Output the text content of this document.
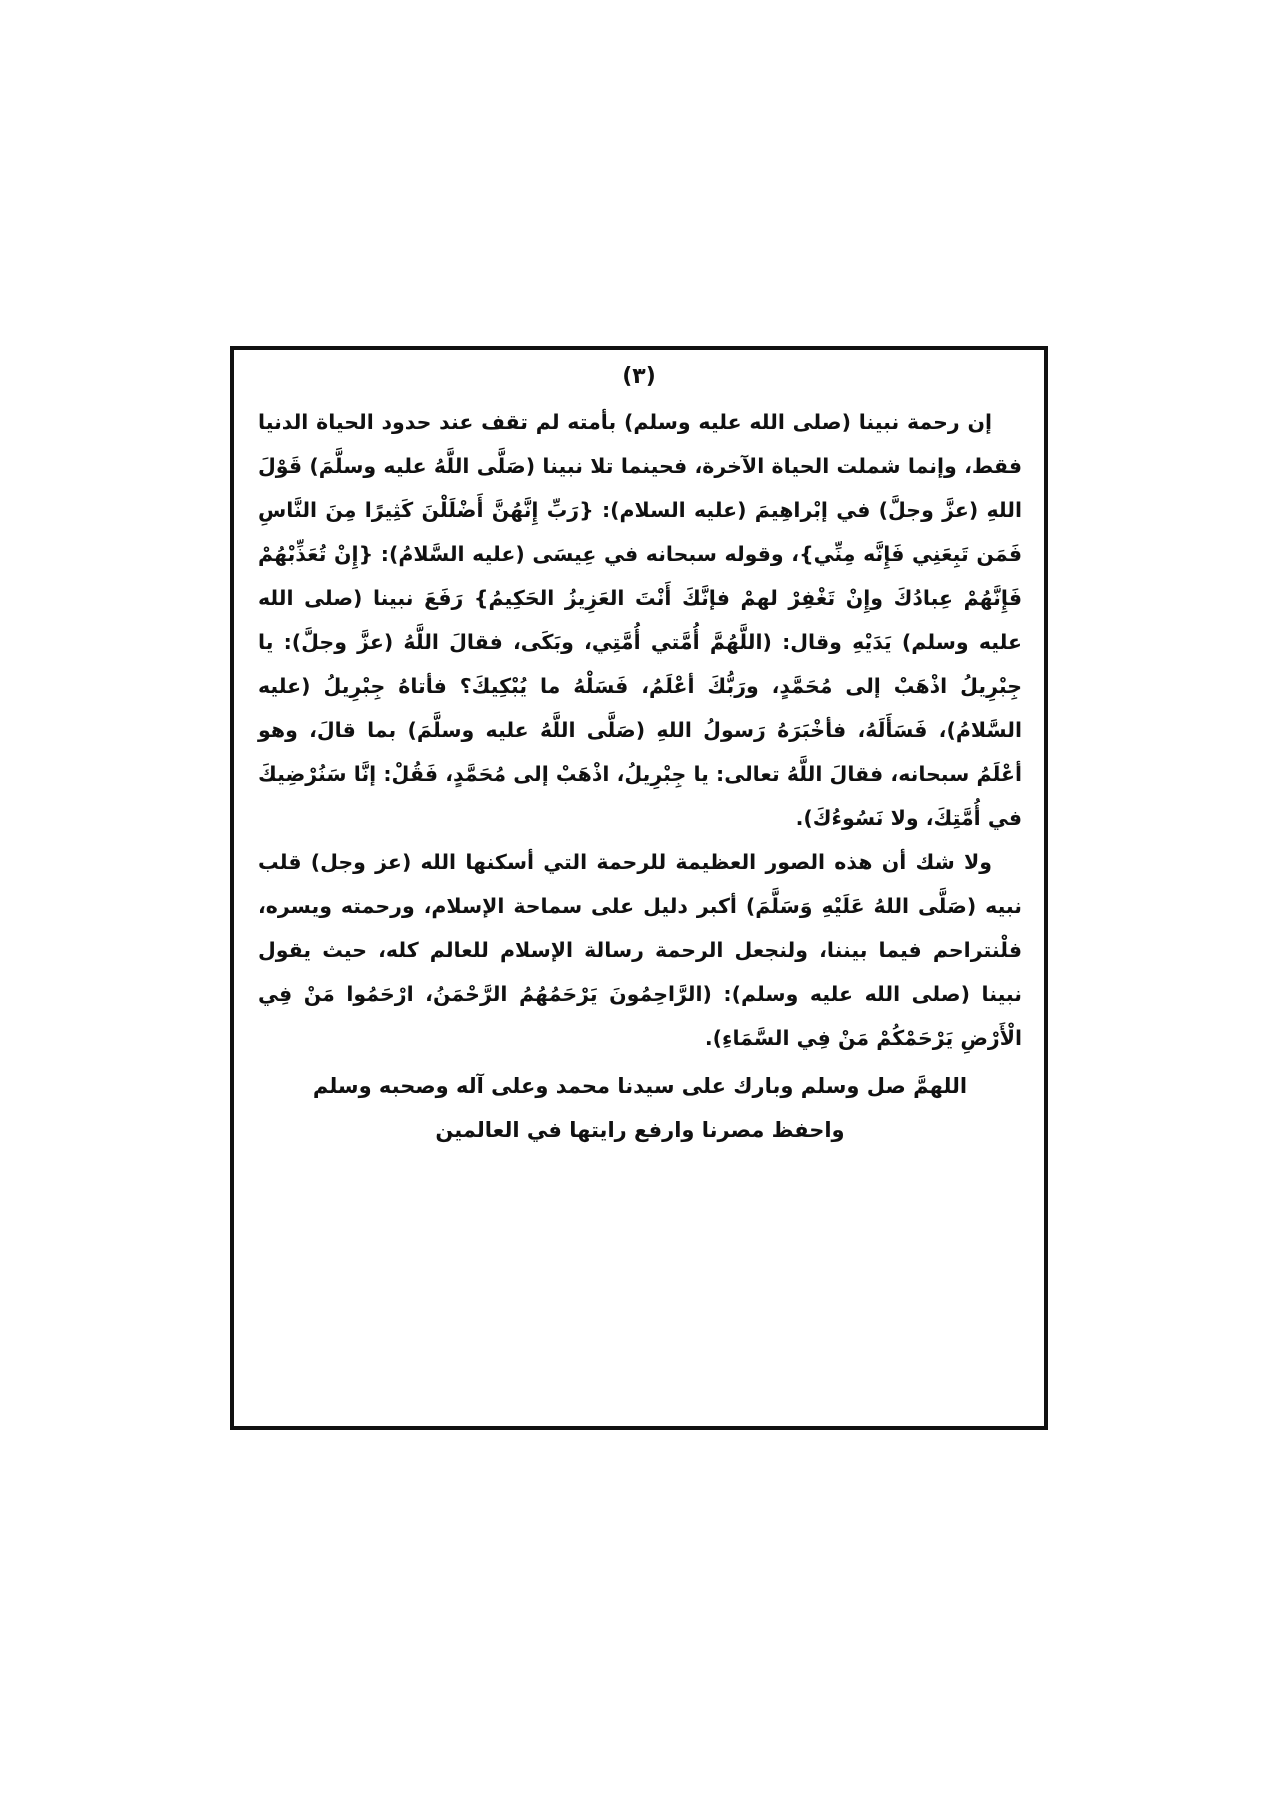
(٣)

إن رحمة نبينا (صلى الله عليه وسلم) بأمته لم تقف عند حدود الحياة الدنيا فقط، وإنما شملت الحياة الآخرة، فحينما تلا نبينا (صَلَّى اللَّهُ عليه وسلَّمَ) قَوْلَ اللهِ (عزَّ وجلَّ) في إبْراهِيمَ (عليه السلام): {رَبِّ إِنَّهُنَّ أَضْلَلْنَ كَثِيرًا مِنَ النَّاسِ فَمَن تَبِعَنِي فَإِنَّه مِنِّي}، وقوله سبحانه في عِيسَى (عليه السَّلامُ): {إِنْ تُعَذِّبْهُمْ فَإِنَّهُمْ عِبادُكَ وإِنْ تَغْفِرْ لهمْ فإنَّكَ أَنْتَ العَزِيزُ الحَكِيمُ} رَفَعَ نبينا (صلى الله عليه وسلم) يَدَيْهِ وقال: (اللَّهُمَّ أُمَّتي أُمَّتِي، وبَكَى، فقالَ اللَّهُ (عزَّ وجلَّ): يا جِبْرِيلُ اذْهَبْ إلى مُحَمَّدٍ، ورَبُّكَ أعْلَمُ، فَسَلْهُ ما يُبْكِيكَ؟ فأتاهُ جِبْرِيلُ (عليه السَّلامُ)، فَسَأَلَهُ، فأخْبَرَهُ رَسولُ اللهِ (صَلَّى اللَّهُ عليه وسلَّمَ) بما قالَ، وهو أعْلَمُ سبحانه، فقالَ اللَّهُ تعالى: يا جِبْرِيلُ، اذْهَبْ إلى مُحَمَّدٍ، فَقُلْ: إنَّا سَنُرْضِيكَ في أُمَّتِكَ، ولا نَسُوءُكَ).

ولا شك أن هذه الصور العظيمة للرحمة التي أسكنها الله (عز وجل) قلب نبيه (صَلَّى اللهُ عَلَيْهِ وَسَلَّمَ) أكبر دليل على سماحة الإسلام، ورحمته ويسره، فلْنتراحم فيما بيننا، ولنجعل الرحمة رسالة الإسلام للعالم كله، حيث يقول نبينا (صلى الله عليه وسلم): (الرَّاحِمُونَ يَرْحَمُهُمُ الرَّحْمَنُ، ارْحَمُوا مَنْ فِي الْأَرْضِ يَرْحَمْكُمْ مَنْ فِي السَّمَاءِ).

اللهمَّ صل وسلم وبارك على سيدنا محمد وعلى آله وصحبه وسلم
واحفظ مصرنا وارفع رايتها في العالمين
